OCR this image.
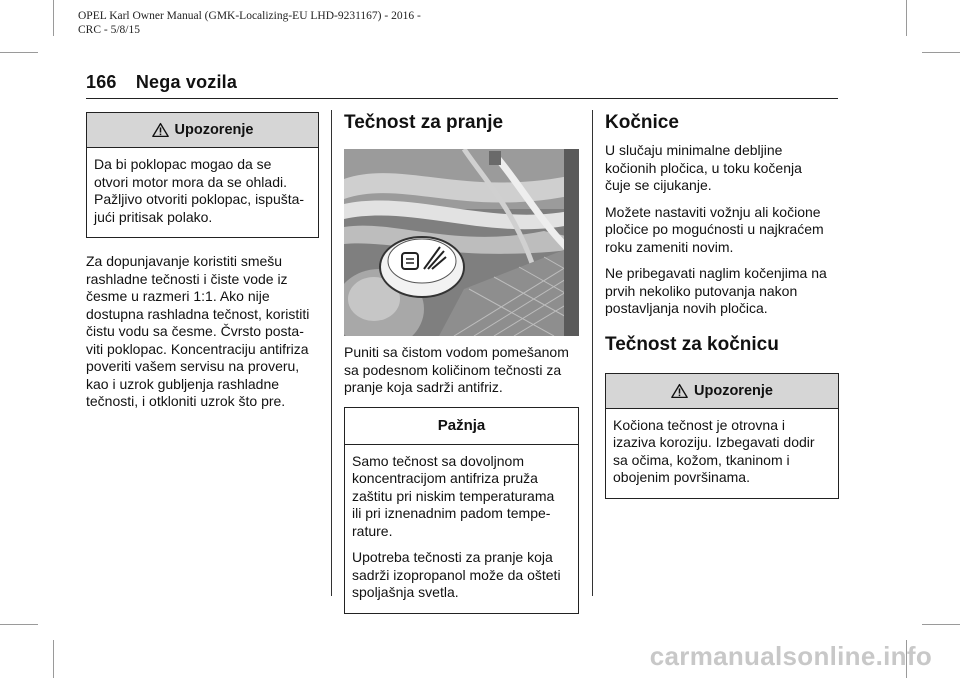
OPEL Karl Owner Manual (GMK-Localizing-EU LHD-9231167) - 2016 -
CRC - 5/8/15
166 Nega vozila
Upozorenje

Da bi poklopac mogao da se
otvori motor mora da se ohladi.
Pažljivo otvoriti poklopac, ispušta-
jući pritisak polako.

Za dopunjavanje koristiti smešu
rashladne tečnosti i čiste vode iz
česme u razmeri 1:1. Ako nije
dostupna rashladna tečnost, koristiti
čistu vodu sa česme. Čvrsto posta-
viti poklopac. Koncentraciju antifriza
poveriti vašem servisu na proveru,
kao i uzrok gubljenja rashladne
tečnosti, i otkloniti uzrok što pre.

Tečnost za pranje

Puniti sa čistom vodom pomešanom
sa podesnom količinom tečnosti za
pranje koja sadrži antifriz.

Pažnja

Samo tečnost sa dovoljnom
koncentracijom antifriza pruža
zaštitu pri niskim temperaturama
ili pri iznenadnim padom tempe-
rature.

Upotreba tečnosti za pranje koja
sadrži izopropanol može da ošteti
spoljašnja svetla.

Kočnice

U slučaju minimalne debljine
kočionih pločica, u toku kočenja
čuje se cijukanje.

Možete nastaviti vožnju ali kočione
pločice po mogućnosti u najkraćem
roku zameniti novim.

Ne pribegavati naglim kočenjima na
prvih nekoliko putovanja nakon
postavljanja novih pločica.

Tečnost za kočnicu
Upozorenje

Kočiona tečnost je otrovna i
izaziva koroziju. Izbegavati dodir
sa očima, kožom, tkaninom i
obojenim površinama.

carmanualsonline.info
